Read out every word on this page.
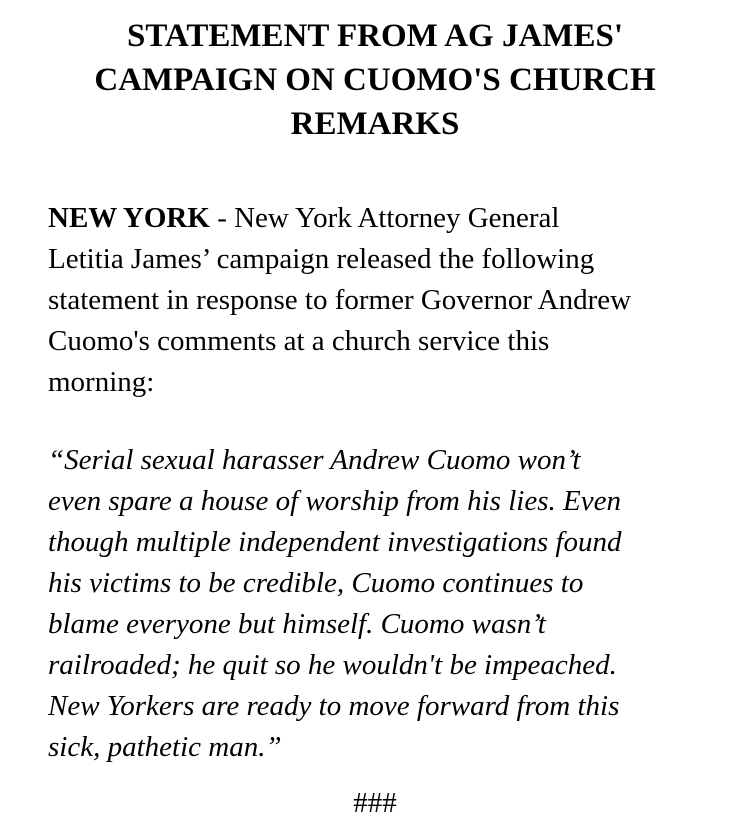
STATEMENT FROM AG JAMES'
CAMPAIGN ON CUOMO'S CHURCH
REMARKS

NEW YORK - New York Attorney General
Letitia James’ campaign released the following
statement in response to former Governor Andrew
Cuomo's comments at a church service this
morning:

“Serial sexual harasser Andrew Cuomo won’t
even spare a house of worship from his lies. Even
though multiple independent investigations found
his victims to be credible, Cuomo continues to
blame everyone but himself. Cuomo wasn’t
railroaded; he quit so he wouldn't be impeached.
New Yorkers are ready to move forward from this
sick, pathetic man.”

###
